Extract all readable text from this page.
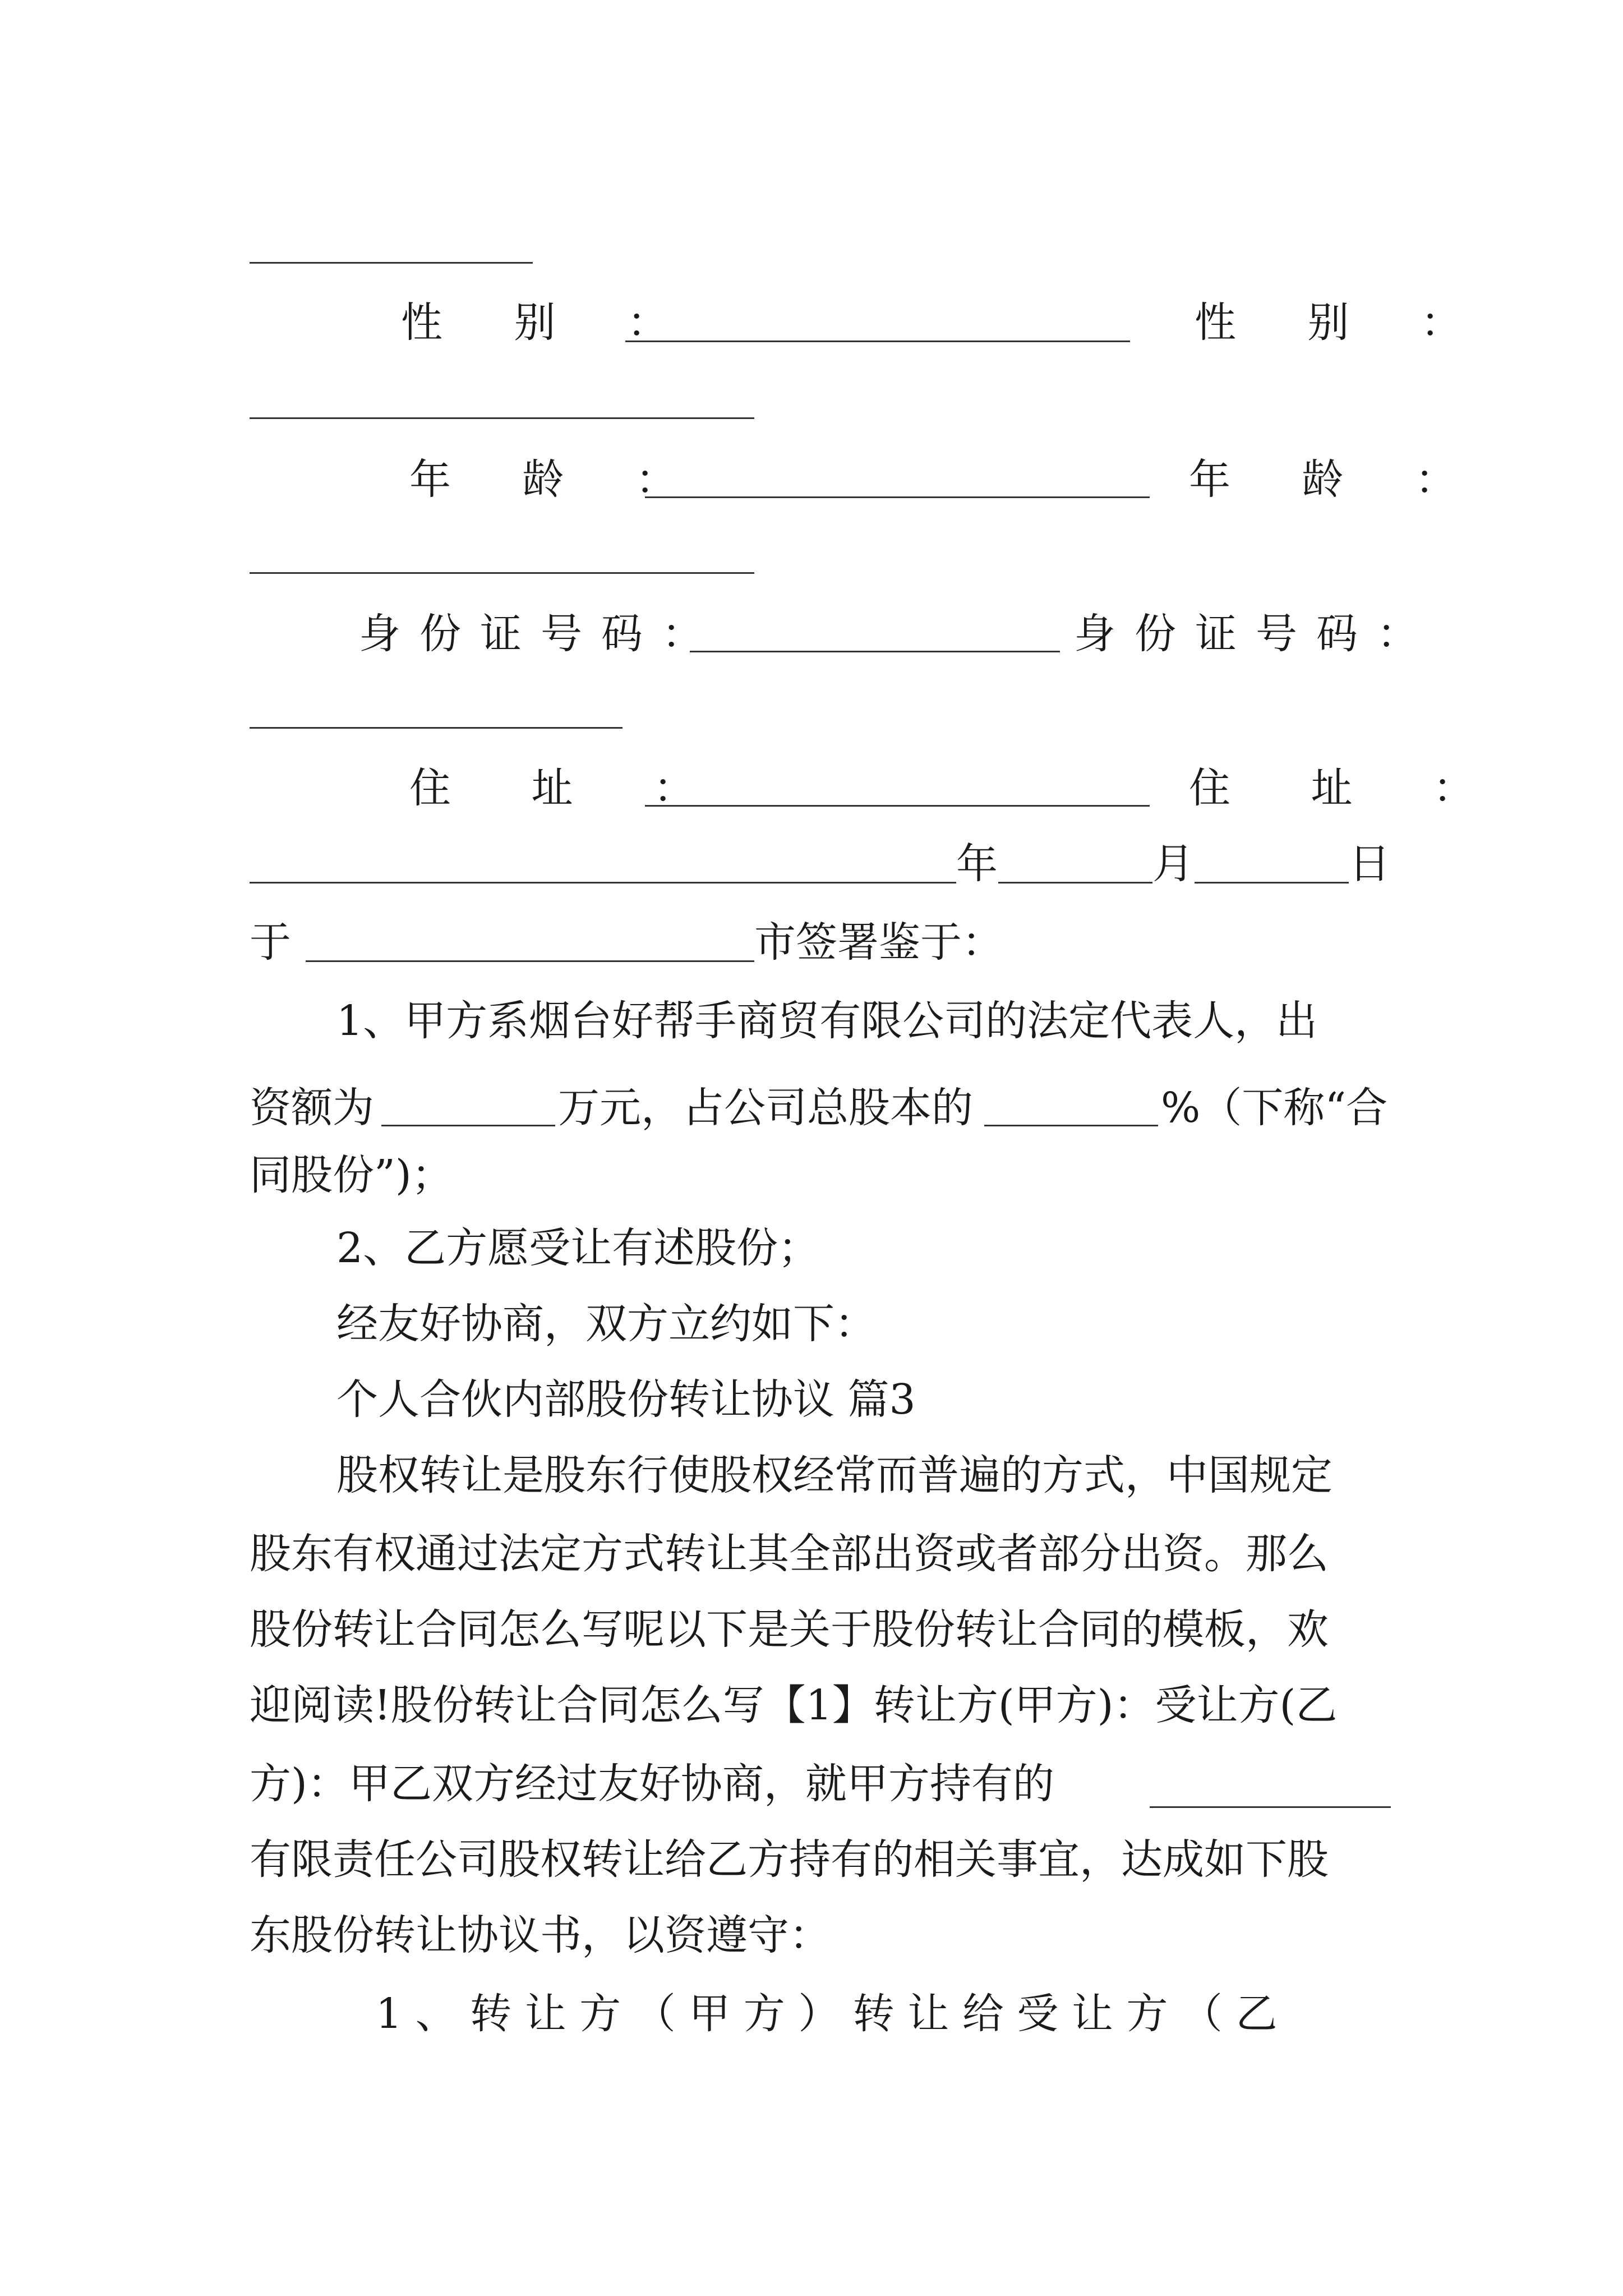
性 别 ：	性 别 ：
年 龄 ：	年 龄 ：
身份证号码：	身份证号码：
住 址 ：	住 址 ：
年	月	日
于	市签署鉴于：
1、甲方系烟台好帮手商贸有限公司的法定代表人，出
资额为	万元，占公司总股本的	%（下称“合
同股份”)；
2、乙方愿受让有述股份；
经友好协商，双方立约如下：
个人合伙内部股份转让协议 篇3
股权转让是股东行使股权经常而普遍的方式，中国规定
股东有权通过法定方式转让其全部出资或者部分出资。那么
股份转让合同怎么写呢以下是关于股份转让合同的模板，欢
迎阅读!股份转让合同怎么写【1】转让方(甲方)：受让方(乙
方)：甲乙双方经过友好协商，就甲方持有的
有限责任公司股权转让给乙方持有的相关事宜，达成如下股
东股份转让协议书，以资遵守：
1 、 转 让 方 （ 甲 方 ） 转 让 给 受 让 方 （ 乙
